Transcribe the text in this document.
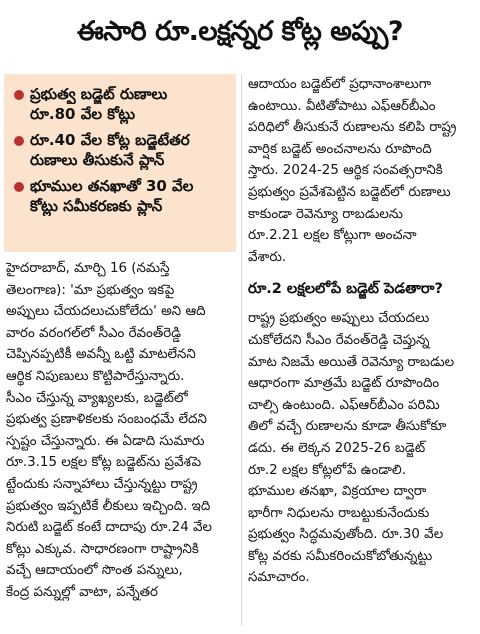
ఈసారి రూ.లక్షన్నర కోట్ల అప్పు?
ప్రభుత్వ బడ్జెట్ రుణాలు
రూ.80 వేల కోట్లు
రూ.40 వేల కోట్ల బడ్జెటేతర
రుణాలు తీసుకునే ప్లాన్
భూముల తనఖాతో 30 వేల
కోట్లు సమీకరణకు ప్లాన్
హైదరాబాద్, మార్చి 16 (నమస్తే
తెలంగాణ): 'మా ప్రభుత్వం ఇకపై
అప్పులు చేయదలుచుకోలేదు' అని ఆది
వారం వరంగల్‌లో సీఎం రేవంత్‌రెడ్డి
చెప్పినప్పటికీ అవన్నీ ఒట్టి మాటలేనని
ఆర్థిక నిపుణులు కొట్టిపారేస్తున్నారు.
సీఎం చేస్తున్న వ్యాఖ్యలకు, బడ్జెట్‌లో
ప్రభుత్వ ప్రణాళికలకు సంబంధమే లేదని
స్పష్టం చేస్తున్నారు. ఈ ఏడాది సుమారు
రూ.3.15 లక్షల కోట్ల బడ్జెట్‌ను ప్రవేశపె
ట్టేందుకు సన్నాహాలు చేస్తున్నట్టు రాష్ట్ర
ప్రభుత్వం ఇప్పటికే లీకులు ఇచ్చింది. ఇది
నిరుటి బడ్జెట్ కంటే దాదాపు రూ.24 వేల
కోట్లు ఎక్కువ. సాధారణంగా రాష్ట్రానికి
వచ్చే ఆదాయంలో సొంత పన్నులు,
కేంద్ర పన్నుల్లో వాటా, పన్నేతర
ఆదాయం బడ్జెట్‌లో ప్రధానాంశాలుగా
ఉంటాయి. వీటితోపాటు ఎఫ్ఆర్‌బీఎం
పరిధిలో తీసుకునే రుణాలను కలిపి రాష్ట్ర
వార్షిక బడ్జెట్ అంచనాలను రూపొంది
స్తారు. 2024-25 ఆర్థిక సంవత్సరానికి
ప్రభుత్వం ప్రవేశపెట్టిన బడ్జెట్‌లో రుణాలు
కాకుండా రెవెన్యూ రాబడులను
రూ.2.21 లక్షల కోట్లుగా అంచనా
వేశారు.
రూ.2 లక్షలలోపే బడ్జెట్ పెడతారా?
రాష్ట్ర ప్రభుత్వం అప్పులు చేయదలు
చుకోలేదని సీఎం రేవంత్‌రెడ్డి చెప్తున్న
మాట నిజమే అయితే రెవెన్యూ రాబడుల
ఆధారంగా మాత్రమే బడ్జెట్ రూపొందిం
చాల్సి ఉంటుంది. ఎఫ్ఆర్‌బీఎం పరిమి
తిలో వచ్చే రుణాలను కూడా తీసుకోకూ
డదు. ఈ లెక్కన 2025-26 బడ్జెట్
రూ.2 లక్షల కోట్లలోపే ఉండాలి.
భూముల తనఖా, విక్రయాల ద్వారా
భారీగా నిధులను రాబట్టుకునేందుకు
ప్రభుత్వం సిద్ధమవుతోంది. రూ.30 వేల
కోట్ల వరకు సమీకరించుకోబోతున్నట్టు
సమాచారం.
